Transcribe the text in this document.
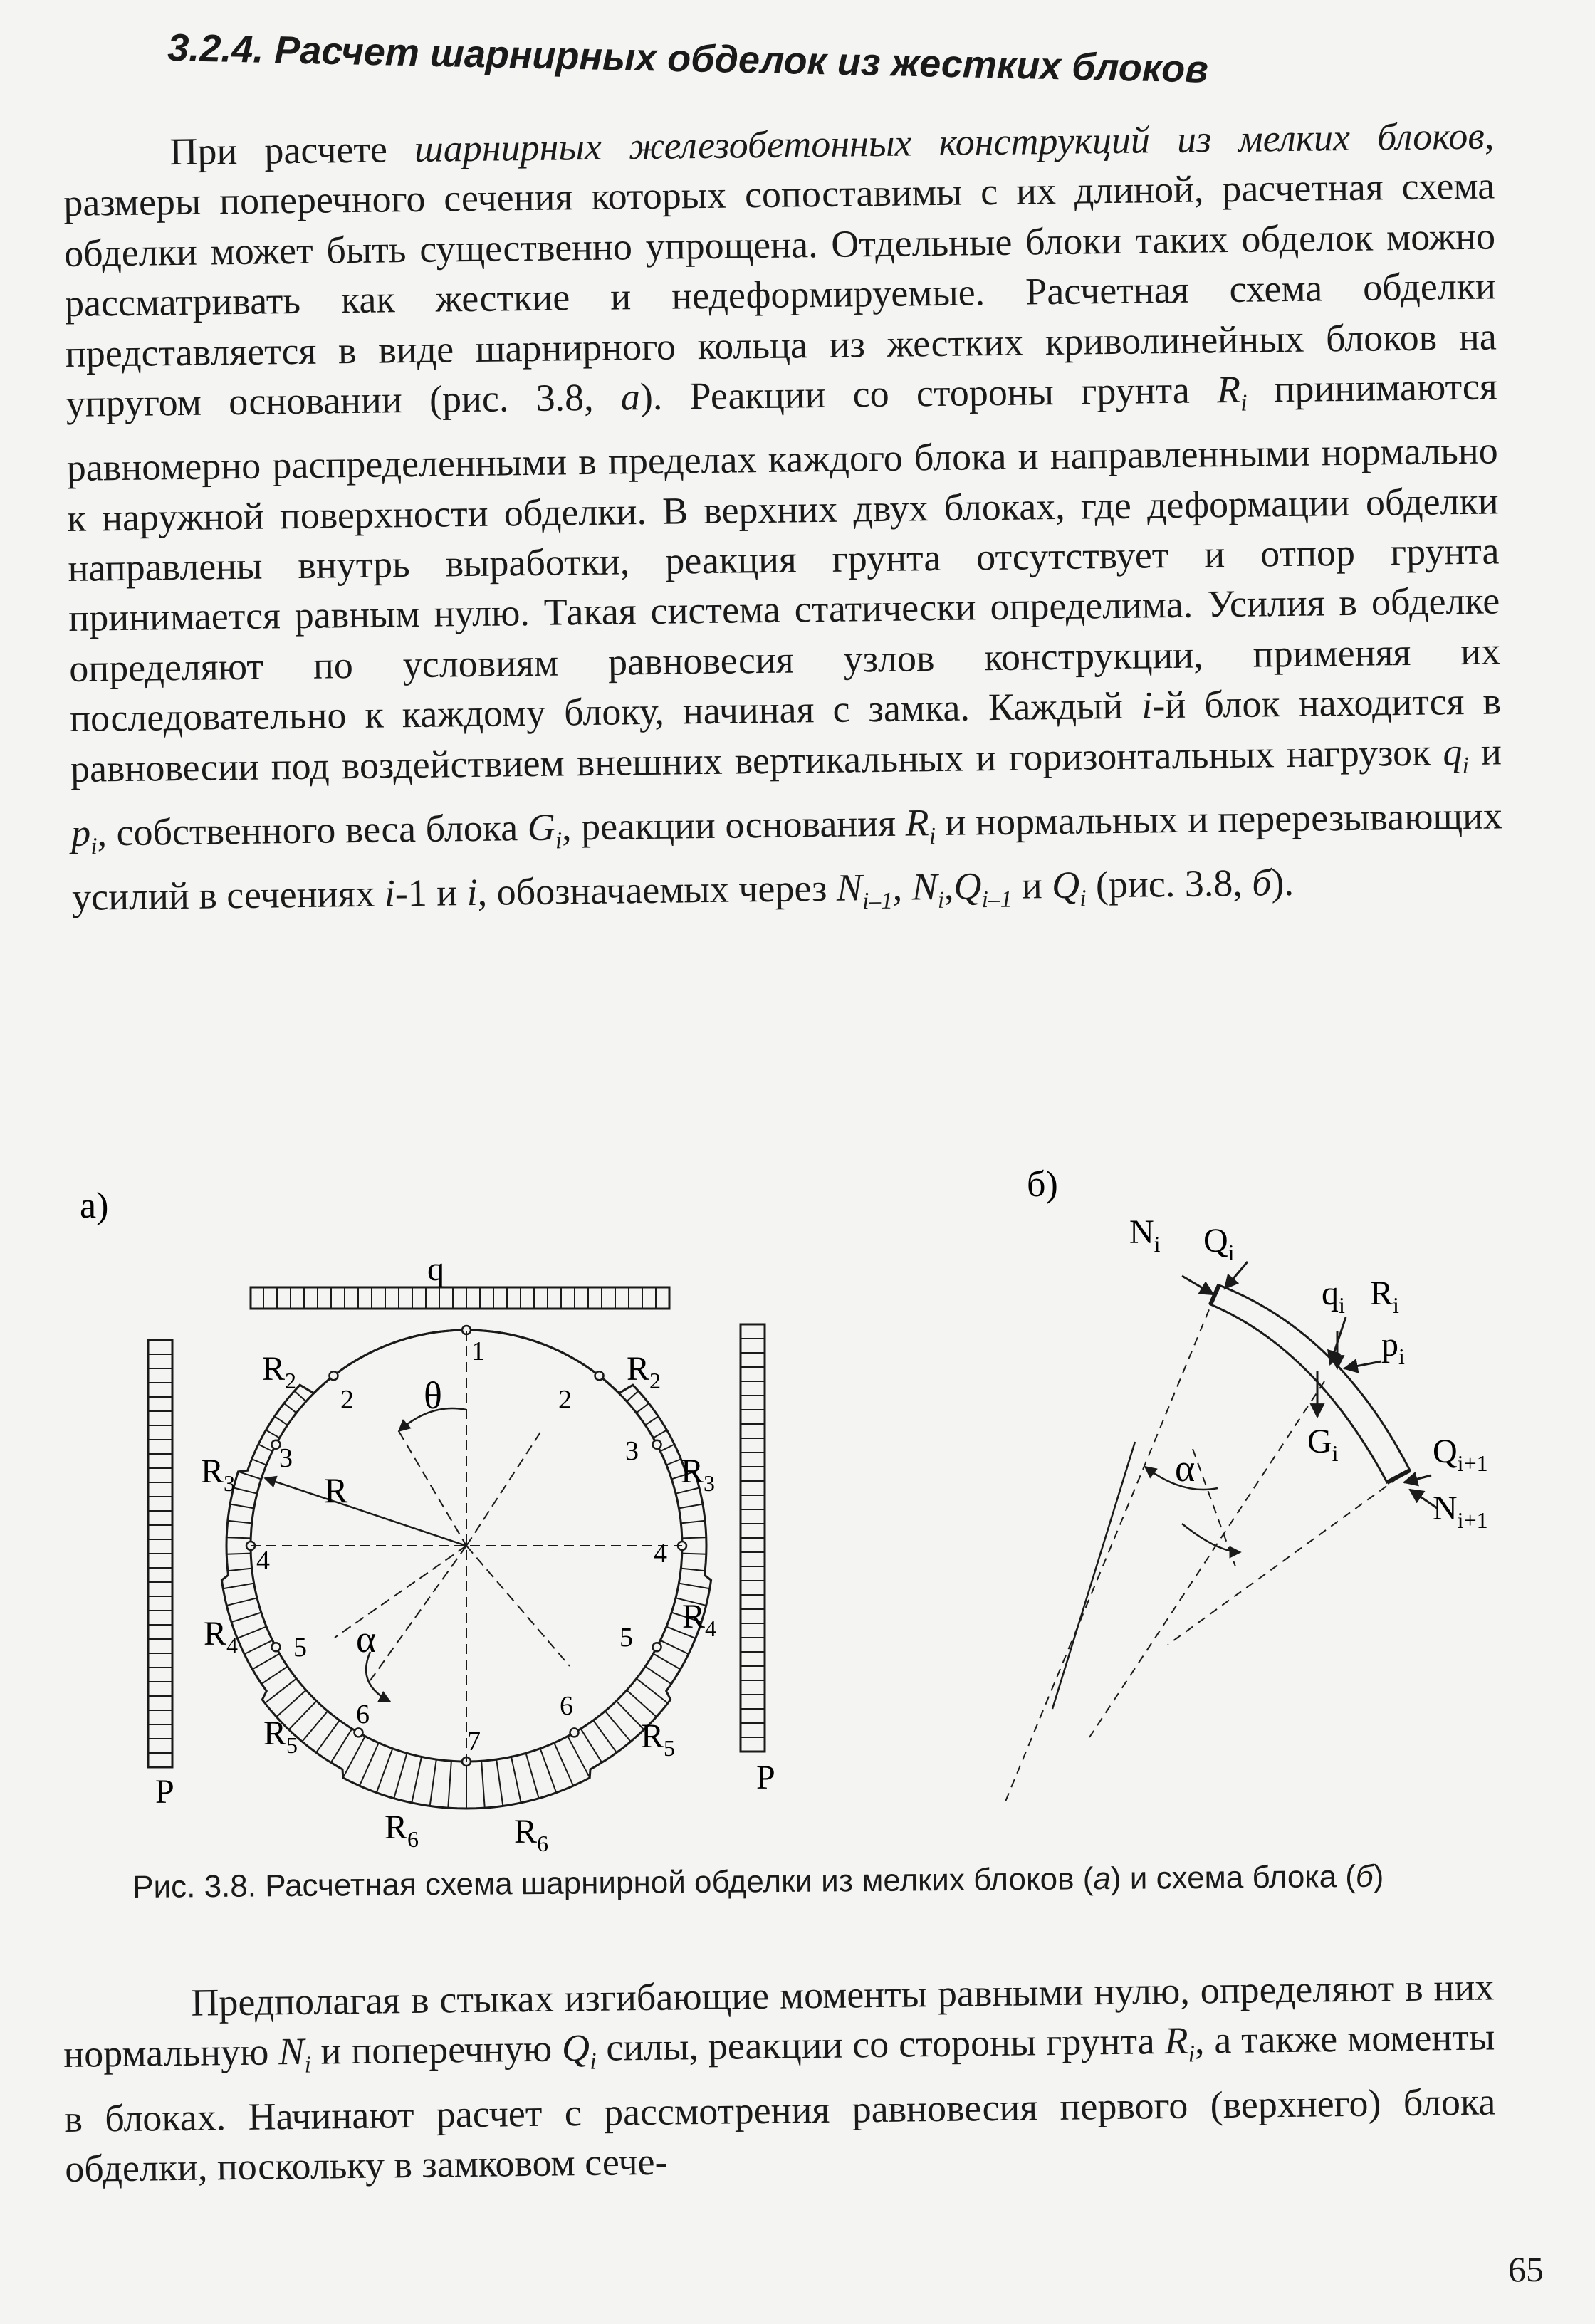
3.2.4. Расчет шарнирных обделок из жестких блоков
При расчете шарнирных железобетонных конструкций из мелких блоков, размеры поперечного сечения которых сопоставимы с их длиной, расчетная схема обделки может быть существенно упрощена. Отдельные блоки таких обделок можно рассматривать как жесткие и недеформируемые. Расчетная схема обделки представляется в виде шарнирного кольца из жестких криволинейных блоков на упругом основании (рис. 3.8, а). Реакции со стороны грунта $R_i$ принимаются равномерно распределенными в пределах каждого блока и направленными нормально к наружной поверхности обделки. В верхних двух блоках, где деформации обделки направлены внутрь выработки, реакция грунта отсутствует и отпор грунта принимается равным нулю. Такая система статически определима. Усилия в обделке определяют по условиям равновесия узлов конструкции, применяя их последовательно к каждому блоку, начиная с замка. Каждый i-й блок находится в равновесии под воздействием внешних вертикальных и горизонтальных нагрузок $q_i$ и $p_i$, собственного веса блока $G_i$, реакции основания $R_i$ и нормальных и перерезывающих усилий в сечениях i-1 и i, обозначаемых через $N_{i-1}$, $N_i,Q_{i-1}$ и $Q_i$ (рис. 3.8, б).
а)
q
P	P
R
θ
α
1
2	2
3	3
4	4
5	5
6	6
7
$R_2$	$R_2$
$R_3$	$R_3$
$R_4$
$R_4$
$R_5$	$R_5$
$R_6$	$R_6$
б)
$N_i$ $Q_i$
$q_i$ $R_i$
$p_i$
$G_i$	$Q_{i+1}$
$N_{i+1}$
α
Рис. 3.8. Расчетная схема шарнирной обделки из мелких блоков (а) и схема блока (б)
Предполагая в стыках изгибающие моменты равными нулю, определяют в них нормальную $N_i$ и поперечную $Q_i$ силы, реакции со стороны грунта $R_i$, а также моменты в блоках. Начинают расчет с рассмотрения равновесия первого (верхнего) блока обделки, поскольку в замковом сече-
65
